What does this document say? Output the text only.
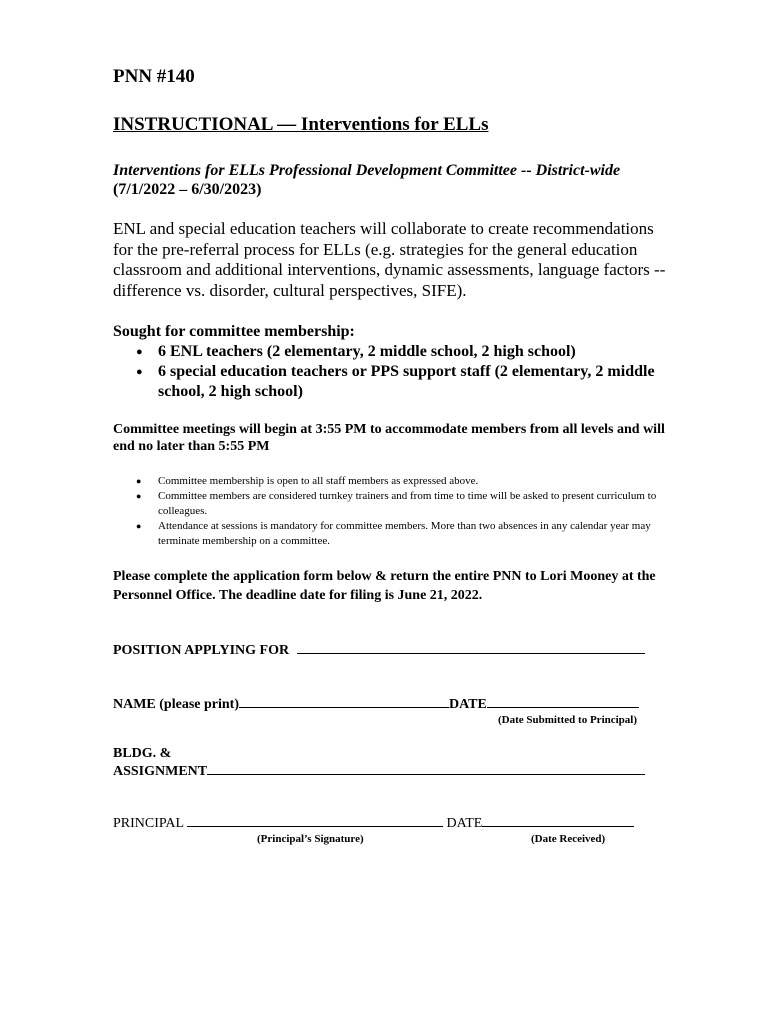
PNN #140

INSTRUCTIONAL — Interventions for ELLs

Interventions for ELLs Professional Development Committee -- District-wide

(7/1/2022 – 6/30/2023)

ENL and special education teachers will collaborate to create recommendations for the pre-referral process for ELLs (e.g. strategies for the general education classroom and additional interventions, dynamic assessments, language factors -- difference vs. disorder, cultural perspectives, SIFE).

Sought for committee membership:

● 6 ENL teachers (2 elementary, 2 middle school, 2 high school)
● 6 special education teachers or PPS support staff (2 elementary, 2 middle school, 2 high school)

Committee meetings will begin at 3:55 PM to accommodate members from all levels and will end no later than 5:55 PM

● Committee membership is open to all staff members as expressed above.
● Committee members are considered turnkey trainers and from time to time will be asked to present curriculum to colleagues.
● Attendance at sessions is mandatory for committee members. More than two absences in any calendar year may terminate membership on a committee.

Please complete the application form below & return the entire PNN to Lori Mooney at the Personnel Office. The deadline date for filing is June 21, 2022.

POSITION APPLYING FOR
NAME (please print)	DATE
(Date Submitted to Principal)
BLDG. &
ASSIGNMENT
PRINCIPAL	DATE
(Principal’s Signature)	(Date Received)
